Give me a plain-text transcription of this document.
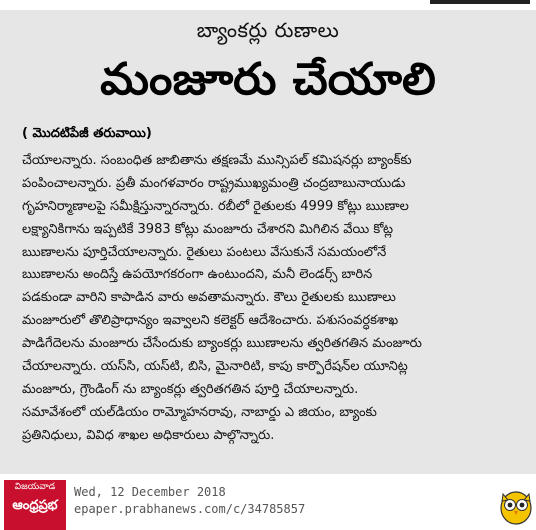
బ్యాంకర్లు రుణాలు
మంజూరు చేయాలి
( మొదటిపేజీ తరువాయి)
చేయాలన్నారు. సంబంధిత జాబితాను తక్షణమే మున్సిపల్ కమిషనర్లు బ్యాంక్‌కు
పంపించాలన్నారు. ప్రతీ మంగళవారం రాష్ట్రముఖ్యమంత్రి చంద్రబాబునాయుడు
గృహనిర్మాణాలపై సమీక్షిస్తున్నారన్నారు. రబీలో రైతులకు 4999 కోట్లు ఋణాల
లక్ష్యానికిగాను ఇప్పటికే 3983 కోట్లు మంజూరు చేశారని మిగిలిన వేయి కోట్ల
ఋణాలను పూర్తిచేయాలన్నారు. రైతులు పంటలు వేసుకునే సమయంలోనే
ఋణాలను అందిస్తే ఉపయోగకరంగా ఉంటుందని, మనీ లెండర్స్ బారిన
పడకుండా వారిని కాపాడిన వారు అవతామన్నారు. కౌలు రైతులకు ఋణాలు
మంజూరులో తొలిప్రాధాన్యం ఇవ్వాలని కలెక్టర్ ఆదేశించారు. పశుసంవర్ధకశాఖ
పాడిగేదెలను మంజూరు చేసేందుకు బ్యాంకర్లు ఋణాలను త్వరితగతిన మంజూరు
చేయాలన్నారు. యస్‌సి, యస్‌టి, బిసి, మైనారిటి, కాపు కార్పొరేషన్‌ల యూనిట్ల
మంజూరు, గ్రౌండింగ్ ను బ్యాంకర్లు త్వరితగతిన పూర్తి చేయాలన్నారు.
సమావేశంలో యల్‌డియం రామ్మోహనరావు, నాబార్డు ఎ జియం, బ్యాంకు
ప్రతినిధులు, వివిధ శాఖల అధికారులు పాల్గొన్నారు.
విజయవాడ
ఆంధ్రప్రభ
Wed, 12 December 2018
epaper.prabhanews.com/c/34785857
